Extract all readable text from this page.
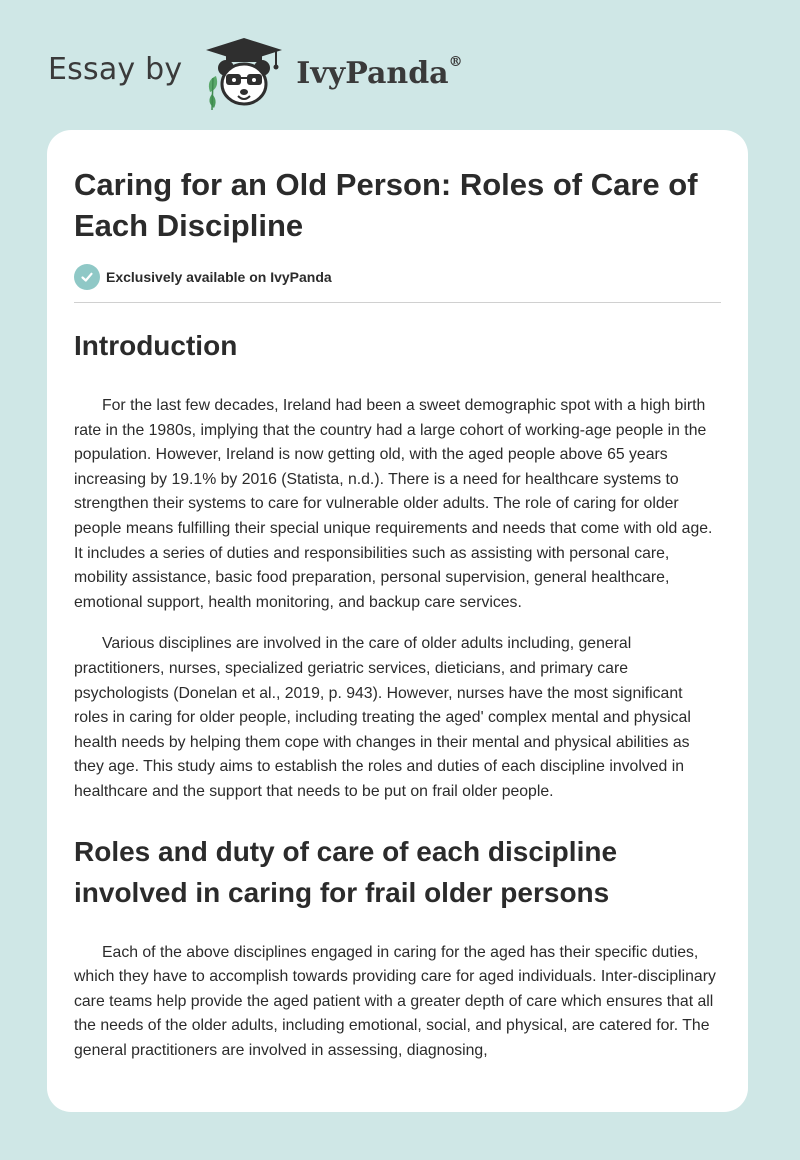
Essay by	IvyPanda®
Caring for an Old Person: Roles of Care of Each Discipline
Exclusively available on IvyPanda
Introduction

For the last few decades, Ireland had been a sweet demographic spot with a high birth rate in the 1980s, implying that the country had a large cohort of working-age people in the population. However, Ireland is now getting old, with the aged people above 65 years increasing by 19.1% by 2016 (Statista, n.d.). There is a need for healthcare systems to strengthen their systems to care for vulnerable older adults. The role of caring for older people means fulfilling their special unique requirements and needs that come with old age. It includes a series of duties and responsibilities such as assisting with personal care, mobility assistance, basic food preparation, personal supervision, general healthcare, emotional support, health monitoring, and backup care services.

Various disciplines are involved in the care of older adults including, general practitioners, nurses, specialized geriatric services, dieticians, and primary care psychologists (Donelan et al., 2019, p. 943). However, nurses have the most significant roles in caring for older people, including treating the aged' complex mental and physical health needs by helping them cope with changes in their mental and physical abilities as they age. This study aims to establish the roles and duties of each discipline involved in healthcare and the support that needs to be put on frail older people.

Roles and duty of care of each discipline involved in caring for frail older persons

Each of the above disciplines engaged in caring for the aged has their specific duties, which they have to accomplish towards providing care for aged individuals. Inter-disciplinary care teams help provide the aged patient with a greater depth of care which ensures that all the needs of the older adults, including emotional, social, and physical, are catered for. The general practitioners are involved in assessing, diagnosing,
